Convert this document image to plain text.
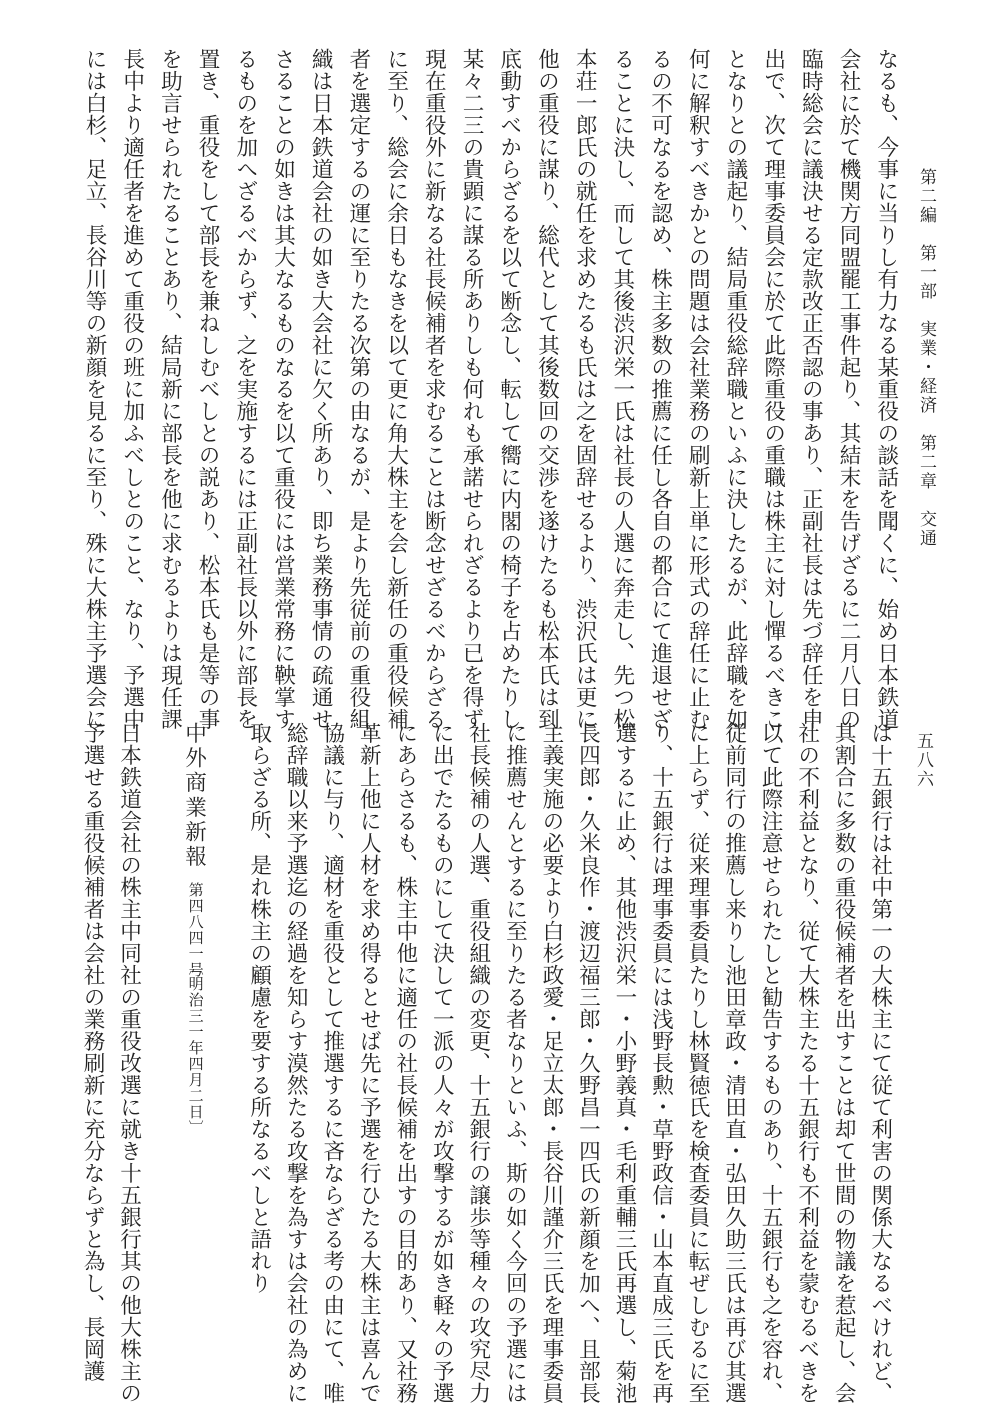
第二編　第一部　実業・経済　第二章　交通
五八六
なるも、今事に当りし有力なる某重役の談話を聞くに、始め日本鉄道
会社に於て機関方同盟罷工事件起り、其結末を告げざるに二月八日の
臨時総会に議決せる定款改正否認の事あり、正副社長は先づ辞任を申
出で、次て理事委員会に於て此際重役の重職は株主に対し憚るべきこ
となりとの議起り、結局重役総辞職といふに決したるが、此辞職を如
何に解釈すべきかとの問題は会社業務の刷新上単に形式の辞任に止む
るの不可なるを認め、株主多数の推薦に任し各自の都合にて進退せざ
ることに決し、而して其後渋沢栄一氏は社長の人選に奔走し、先つ松
本荘一郎氏の就任を求めたるも氏は之を固辞せるより、渋沢氏は更に
他の重役に謀り、総代として其後数回の交渉を遂けたるも松本氏は到
底動すべからざるを以て断念し、転して嚮に内閣の椅子を占めたりし
某々二三の貴顕に謀る所ありしも何れも承諾せられざるより已を得ず
現在重役外に新なる社長候補者を求むることは断念せざるべからざる
に至り、総会に余日もなきを以て更に角大株主を会し新任の重役候補
者を選定するの運に至りたる次第の由なるが、是より先従前の重役組
織は日本鉄道会社の如き大会社に欠く所あり、即ち業務事情の疏通せ
さることの如きは其大なるものなるを以て重役には営業常務に鞅掌す
るものを加へざるべからず、之を実施するには正副社長以外に部長を
置き、重役をして部長を兼ねしむべしとの説あり、松本氏も是等の事
を助言せられたることあり、結局新に部長を他に求むるよりは現任課
長中より適任者を進めて重役の班に加ふべしとのこと、なり、予選中
には白杉、足立、長谷川等の新顔を見るに至り、殊に大株主予選会に
は十五銀行は社中第一の大株主にて従て利害の関係大なるべけれど、
其割合に多数の重役候補者を出すことは却て世間の物議を惹起し、会
社の不利益となり、従て大株主たる十五銀行も不利益を蒙むるべきを
以て此際注意せられたしと勧告するものあり、十五銀行も之を容れ、
従前同行の推薦し来りし池田章政・清田直・弘田久助三氏は再び其選
に上らず、従来理事委員たりし林賢徳氏を検査委員に転ぜしむるに至
り、十五銀行は理事委員には浅野長勲・草野政信・山本直成三氏を再
選するに止め、其他渋沢栄一・小野義真・毛利重輔三氏再選し、菊池
長四郎・久米良作・渡辺福三郎・久野昌一四氏の新顔を加へ、且部長
主義実施の必要より白杉政愛・足立太郎・長谷川謹介三氏を理事委員
に推薦せんとするに至りたる者なりといふ、斯の如く今回の予選には
社長候補の人選、重役組織の変更、十五銀行の譲歩等種々の攻究尽力
に出でたるものにして決して一派の人々が攻撃するが如き軽々の予選
にあらさるも、株主中他に適任の社長候補を出すの目的あり、又社務
革新上他に人材を求め得るとせば先に予選を行ひたる大株主は喜んで
協議に与り、適材を重役として推選するに吝ならざる考の由にて、唯
総辞職以来予選迄の経過を知らす漠然たる攻撃を為すは会社の為めに
取らざる所、是れ株主の顧慮を要する所なるべしと語れり
中外商業新報
第四八四一号
〔明治三一年四月二日〕
日本鉄道会社の株主中同社の重役改選に就き十五銀行其の他大株主の
予選せる重役候補者は会社の業務刷新に充分ならずと為し、長岡護
